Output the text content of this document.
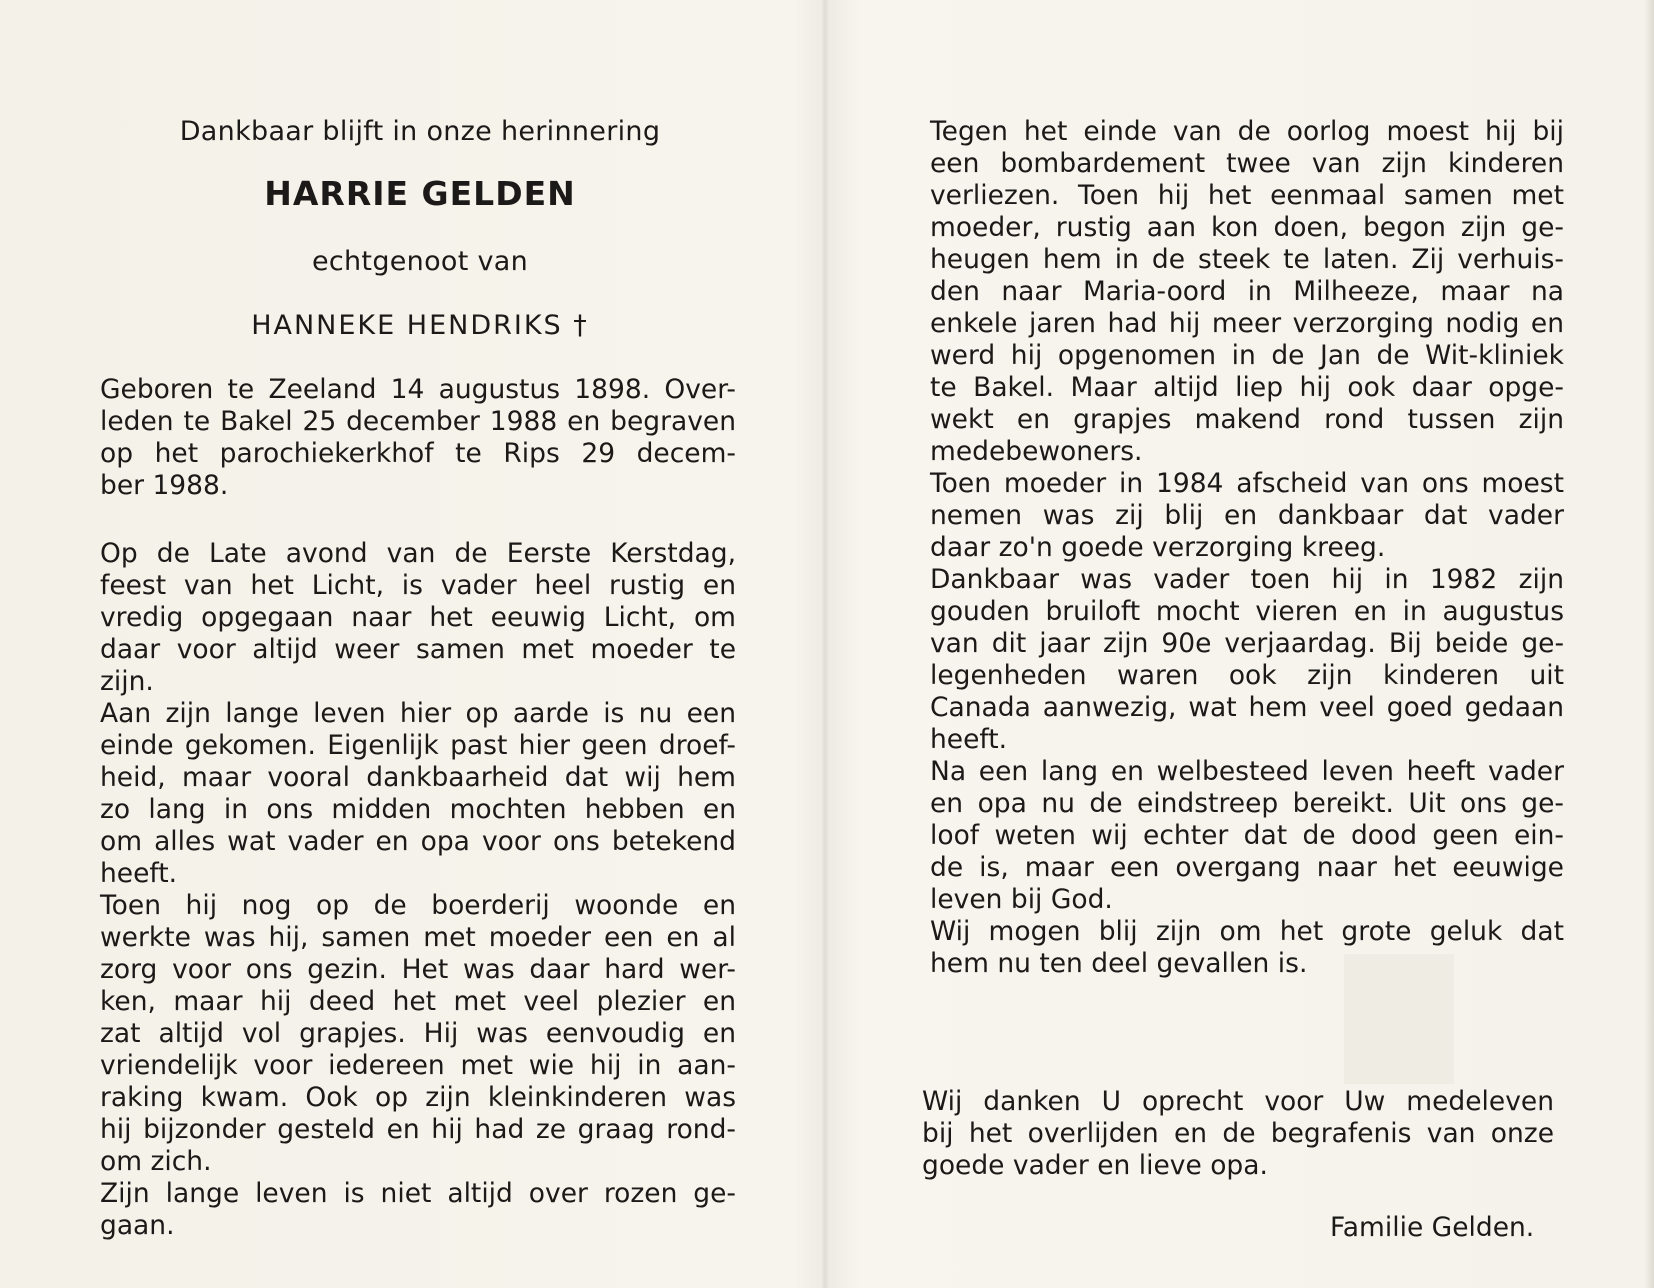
Dankbaar blijft in onze herinnering
HARRIE GELDEN
echtgenoot van
HANNEKE HENDRIKS †
Geboren te Zeeland 14 augustus 1898. Over-
leden te Bakel 25 december 1988 en begraven
op het parochiekerkhof te Rips 29 decem-
ber 1988.
Op de Late avond van de Eerste Kerstdag,
feest van het Licht, is vader heel rustig en
vredig opgegaan naar het eeuwig Licht, om
daar voor altijd weer samen met moeder te
zijn.
Aan zijn lange leven hier op aarde is nu een
einde gekomen. Eigenlijk past hier geen droef-
heid, maar vooral dankbaarheid dat wij hem
zo lang in ons midden mochten hebben en
om alles wat vader en opa voor ons betekend
heeft.
Toen hij nog op de boerderij woonde en
werkte was hij, samen met moeder een en al
zorg voor ons gezin. Het was daar hard wer-
ken, maar hij deed het met veel plezier en
zat altijd vol grapjes. Hij was eenvoudig en
vriendelijk voor iedereen met wie hij in aan-
raking kwam. Ook op zijn kleinkinderen was
hij bijzonder gesteld en hij had ze graag rond-
om zich.
Zijn lange leven is niet altijd over rozen ge-
gaan.
Tegen het einde van de oorlog moest hij bij
een bombardement twee van zijn kinderen
verliezen. Toen hij het eenmaal samen met
moeder, rustig aan kon doen, begon zijn ge-
heugen hem in de steek te laten. Zij verhuis-
den naar Maria-oord in Milheeze, maar na
enkele jaren had hij meer verzorging nodig en
werd hij opgenomen in de Jan de Wit-kliniek
te Bakel. Maar altijd liep hij ook daar opge-
wekt en grapjes makend rond tussen zijn
medebewoners.
Toen moeder in 1984 afscheid van ons moest
nemen was zij blij en dankbaar dat vader
daar zo'n goede verzorging kreeg.
Dankbaar was vader toen hij in 1982 zijn
gouden bruiloft mocht vieren en in augustus
van dit jaar zijn 90e verjaardag. Bij beide ge-
legenheden waren ook zijn kinderen uit
Canada aanwezig, wat hem veel goed gedaan
heeft.
Na een lang en welbesteed leven heeft vader
en opa nu de eindstreep bereikt. Uit ons ge-
loof weten wij echter dat de dood geen ein-
de is, maar een overgang naar het eeuwige
leven bij God.
Wij mogen blij zijn om het grote geluk dat
hem nu ten deel gevallen is.
Wij danken U oprecht voor Uw medeleven
bij het overlijden en de begrafenis van onze
goede vader en lieve opa.
Familie Gelden.
